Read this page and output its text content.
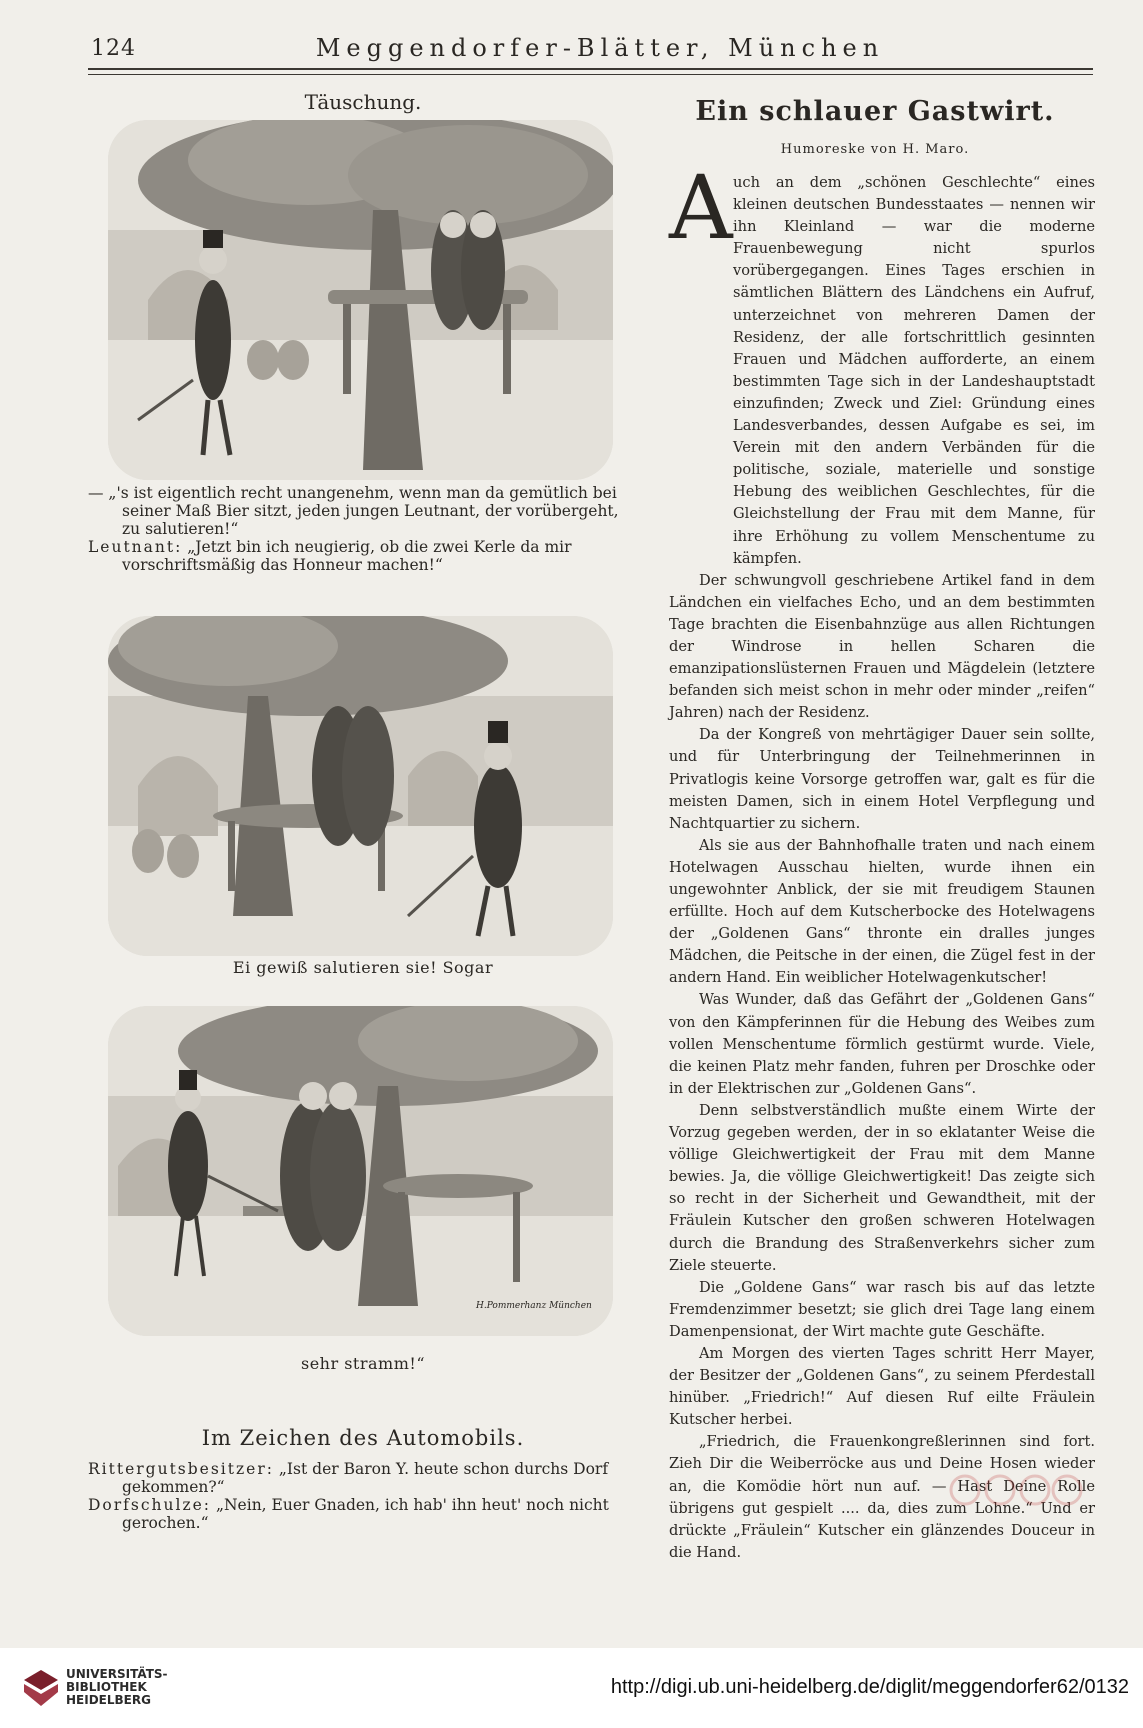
124	Meggendorfer-Blätter, München
Täuschung.

— „'s ist eigentlich recht unangenehm, wenn man da gemütlich bei seiner Maß Bier sitzt, jeden jungen Leutnant, der vorübergeht, zu salutieren!“

Leutnant: „Jetzt bin ich neugierig, ob die zwei Kerle da mir vorschriftsmäßig das Honneur machen!“

Ei gewiß salutieren sie! Sogar
H.Pommerhanz München
sehr stramm!“
Im Zeichen des Automobils.

Rittergutsbesitzer: „Ist der Baron Y. heute schon durchs Dorf gekommen?“

Dorfschulze: „Nein, Euer Gnaden, ich hab' ihn heut' noch nicht gerochen.“

Ein schlauer Gastwirt.
Humoreske von H. Maro.
A uch an dem „schönen Geschlechte“ eines kleinen deutschen Bundesstaates — nennen wir ihn Kleinland — war die moderne Frauenbewegung nicht spurlos vorübergegangen. Eines Tages erschien in sämtlichen Blättern des Ländchens ein Aufruf, unterzeichnet von mehreren Damen der Residenz, der alle fortschrittlich gesinnten Frauen und Mädchen aufforderte, an einem bestimmten Tage sich in der Landeshauptstadt einzufinden; Zweck und Ziel: Gründung eines Landesverbandes, dessen Aufgabe es sei, im Verein mit den andern Verbänden für die politische, soziale, materielle und sonstige Hebung des weiblichen Geschlechtes, für die Gleichstellung der Frau mit dem Manne, für ihre Erhöhung zu vollem Menschentume zu kämpfen.

Der schwungvoll geschriebene Artikel fand in dem Ländchen ein vielfaches Echo, und an dem bestimmten Tage brachten die Eisenbahnzüge aus allen Richtungen der Windrose in hellen Scharen die emanzipationslüsternen Frauen und Mägdelein (letztere befanden sich meist schon in mehr oder minder „reifen“ Jahren) nach der Residenz.

Da der Kongreß von mehrtägiger Dauer sein sollte, und für Unterbringung der Teilnehmerinnen in Privatlogis keine Vorsorge getroffen war, galt es für die meisten Damen, sich in einem Hotel Verpflegung und Nachtquartier zu sichern.

Als sie aus der Bahnhofhalle traten und nach einem Hotelwagen Ausschau hielten, wurde ihnen ein ungewohnter Anblick, der sie mit freudigem Staunen erfüllte. Hoch auf dem Kutscherbocke des Hotelwagens der „Goldenen Gans“ thronte ein dralles junges Mädchen, die Peitsche in der einen, die Zügel fest in der andern Hand. Ein weiblicher Hotelwagenkutscher!

Was Wunder, daß das Gefährt der „Goldenen Gans“ von den Kämpferinnen für die Hebung des Weibes zum vollen Menschentume förmlich gestürmt wurde. Viele, die keinen Platz mehr fanden, fuhren per Droschke oder in der Elektrischen zur „Goldenen Gans“.

Denn selbstverständlich mußte einem Wirte der Vorzug gegeben werden, der in so eklatanter Weise die völlige Gleichwertigkeit der Frau mit dem Manne bewies. Ja, die völlige Gleichwertigkeit! Das zeigte sich so recht in der Sicherheit und Gewandtheit, mit der Fräulein Kutscher den großen schweren Hotelwagen durch die Brandung des Straßenverkehrs sicher zum Ziele steuerte.

Die „Goldene Gans“ war rasch bis auf das letzte Fremdenzimmer besetzt; sie glich drei Tage lang einem Damenpensionat, der Wirt machte gute Geschäfte.

Am Morgen des vierten Tages schritt Herr Mayer, der Besitzer der „Goldenen Gans“, zu seinem Pferdestall hinüber. „Friedrich!“ Auf diesen Ruf eilte Fräulein Kutscher herbei.

„Friedrich, die Frauenkongreßlerinnen sind fort. Zieh Dir die Weiberröcke aus und Deine Hosen wieder an, die Komödie hört nun auf. — Hast Deine Rolle übrigens gut gespielt .... da, dies zum Lohne.“ Und er drückte „Fräulein“ Kutscher ein glänzendes Douceur in die Hand.

UNIVERSITÄTS-
BIBLIOTHEK
HEIDELBERG
http://digi.ub.uni-heidelberg.de/diglit/meggendorfer62/0132
